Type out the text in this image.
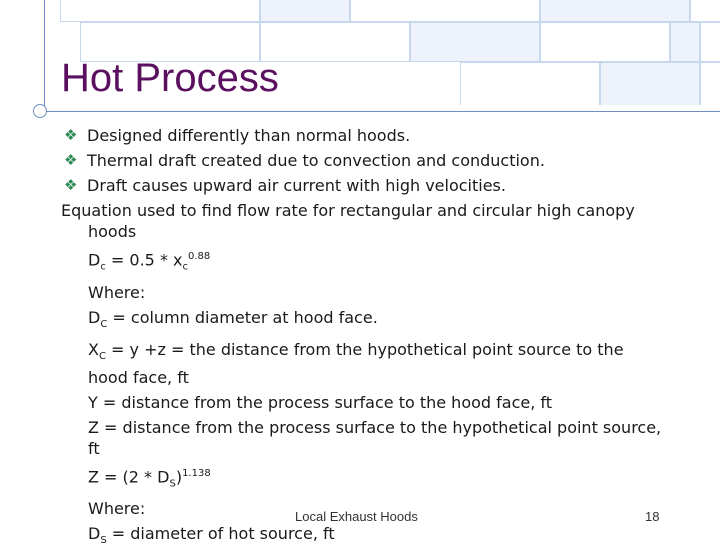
Hot Process
❖ Designed differently than normal hoods.
❖ Thermal draft created due to convection and conduction.
❖ Draft causes upward air current with high velocities.
Equation used to find flow rate for rectangular and circular high canopy
hoods
$D_c = 0.5 * x_c^{0.88}$
Where:
$D_C$ = column diameter at hood face.
$X_C = y +z$ = the distance from the hypothetical point source to the
hood face, ft
Y = distance from the process surface to the hood face, ft
Z = distance from the process surface to the hypothetical point source,
ft
$Z = (2 * D_S)^{1.138}$
Where:
$D_S$ = diameter of hot source, ft
Local Exhaust Hoods	18
